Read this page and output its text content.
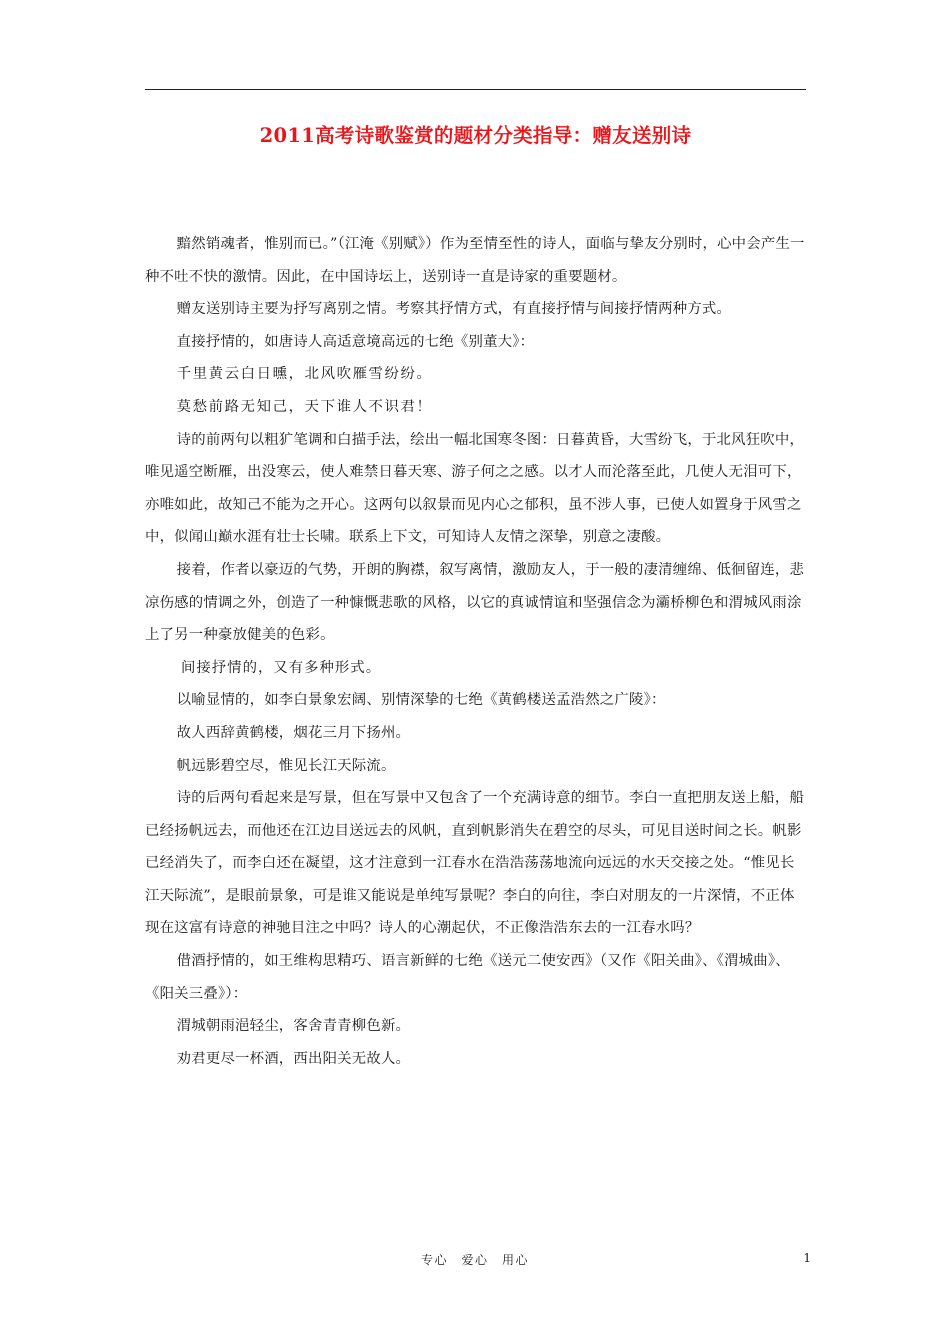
2011高考诗歌鉴赏的题材分类指导：赠友送别诗

黯然销魂者，惟别而已。”（江淹《别赋》）作为至情至性的诗人，面临与挚友分别时，心中会产生一种不吐不快的激情。因此，在中国诗坛上，送别诗一直是诗家的重要题材。

赠友送别诗主要为抒写离别之情。考察其抒情方式，有直接抒情与间接抒情两种方式。

直接抒情的，如唐诗人高适意境高远的七绝《别董大》：

千里黄云白日曛，北风吹雁雪纷纷。

莫愁前路无知己，天下谁人不识君！

诗的前两句以粗犷笔调和白描手法，绘出一幅北国寒冬图：日暮黄昏，大雪纷飞，于北风狂吹中，唯见遥空断雁，出没寒云，使人难禁日暮天寒、游子何之之感。以才人而沦落至此，几使人无泪可下，亦唯如此，故知己不能为之开心。这两句以叙景而见内心之郁积，虽不涉人事，已使人如置身于风雪之中，似闻山巅水涯有壮士长啸。联系上下文，可知诗人友情之深挚，别意之凄酸。

接着，作者以豪迈的气势，开朗的胸襟，叙写离情，激励友人，于一般的凄清缠绵、低徊留连，悲凉伤感的情调之外，创造了一种慷慨悲歌的风格，以它的真诚情谊和坚强信念为灞桥柳色和渭城风雨涂上了另一种豪放健美的色彩。

间接抒情的，又有多种形式。

以喻显情的，如李白景象宏阔、别情深挚的七绝《黄鹤楼送孟浩然之广陵》：

故人西辞黄鹤楼，烟花三月下扬州。

帆远影碧空尽，惟见长江天际流。

诗的后两句看起来是写景，但在写景中又包含了一个充满诗意的细节。李白一直把朋友送上船，船已经扬帆远去，而他还在江边目送远去的风帆，直到帆影消失在碧空的尽头，可见目送时间之长。帆影已经消失了，而李白还在凝望，这才注意到一江春水在浩浩荡荡地流向远远的水天交接之处。“惟见长江天际流”，是眼前景象，可是谁又能说是单纯写景呢？李白的向往，李白对朋友的一片深情，不正体现在这富有诗意的神驰目注之中吗？诗人的心潮起伏，不正像浩浩东去的一江春水吗？

借酒抒情的，如王维构思精巧、语言新鲜的七绝《送元二使安西》（又作《阳关曲》、《渭城曲》、《阳关三叠》）：

渭城朝雨浥轻尘，客舍青青柳色新。

劝君更尽一杯酒，西出阳关无故人。

专心　爱心　用心	1
